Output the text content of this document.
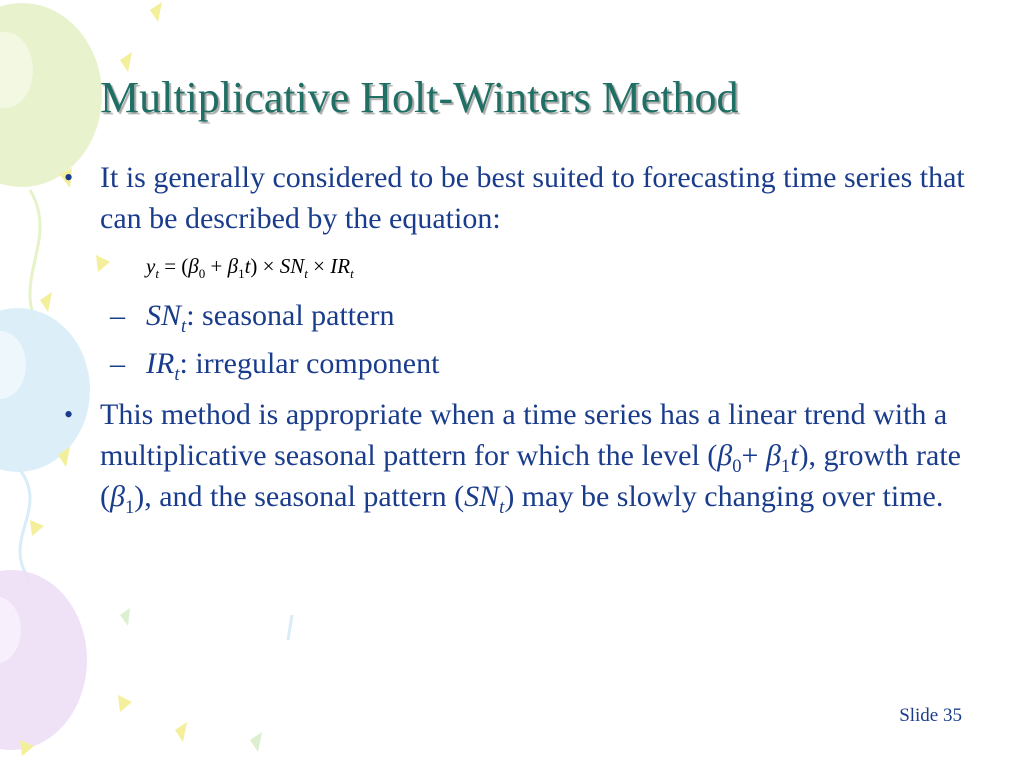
Multiplicative Holt-Winters Method
• It is generally considered to be best suited to forecasting time series that can be described by the equation:
$y_t = (\beta_0 + \beta_1t) \times SN_t \times IR_t$
– $SN_t$: seasonal pattern
– $IR_t$: irregular component
• This method is appropriate when a time series has a linear trend with a multiplicative seasonal pattern for which the level $(\beta_0+ \beta_1t)$, growth rate $(\beta_1)$, and the seasonal pattern $(SN_t)$ may be slowly changing over time.
Slide 35
